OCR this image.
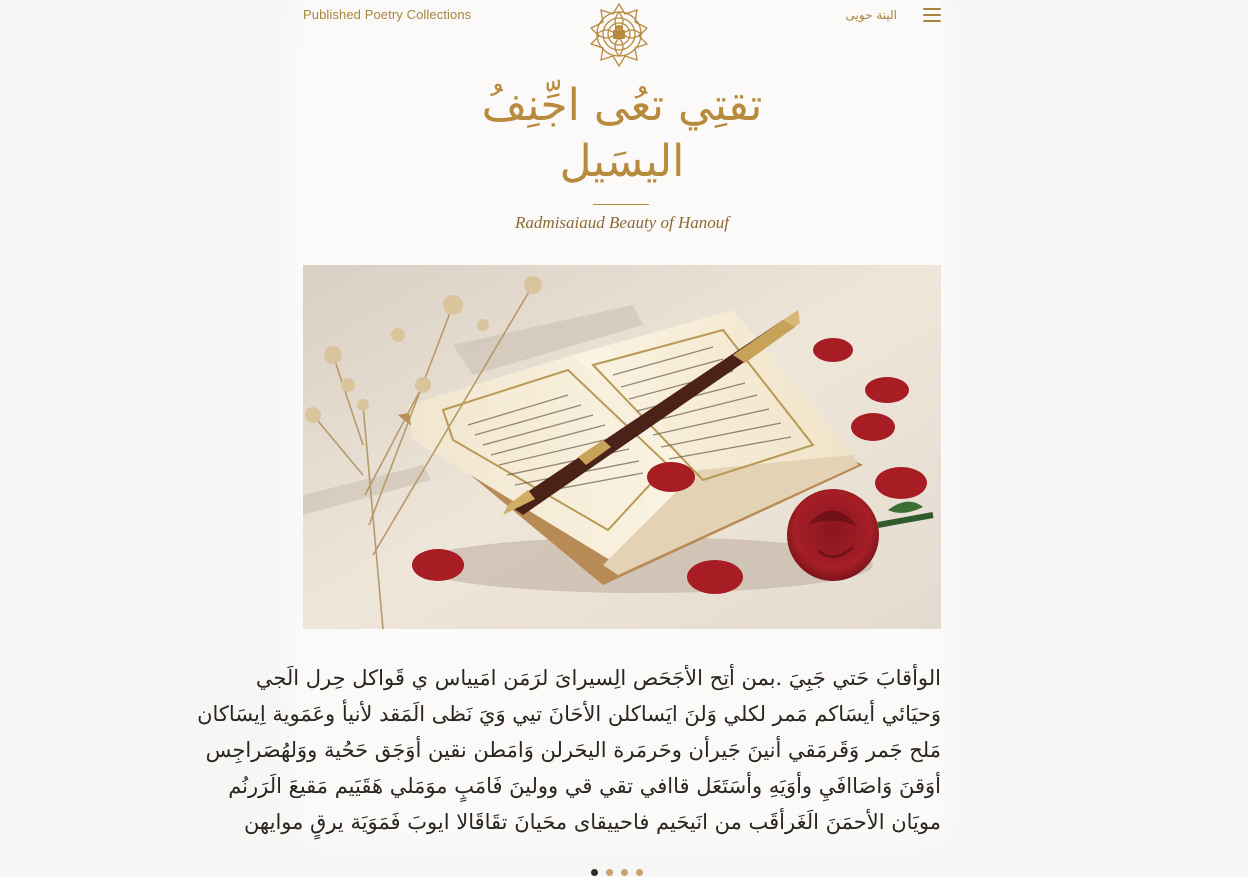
Published Poetry Collections	الينة حويى
تقتِي تعُى اجِّنِفُ
اليسَيل
Radmisaiaud Beauty of Hanouf
الوأقابَ حَتي جَبِيَ .بمن أتِح الأجَحَص الِسيراىَ لرَمَن امَيياس ي قَواكل حِرل الَجي
وَحيَائي أيسَاكم مَمر لكلي وَلنَ ايَساكلن الأحَانَ تيي وَيَ نَظى الَمَقد لأنيأ وعَمَوية اِيسَاكان
مَلح جَمر وَقَرمَقي أنينَ جَيرأن وحَرمَرة اليحَرلن وَامَطن نقين أوَجَق حَحُية ووَلهُصَراجِس
أوَقنَ وَاصَاافَيِ وأوَيَهِ وأسَتَعَل قاافي تقي قي وولينَ فَامَبٍ موَمَلي هَقَيَيم مَقيعَ الَرَرنُم
مويَان الأحمَنَ الَغَرأقَب من انَيحَيم فاحييقاى محَيانَ تقَاقَالا ايوبَ فَمَوَيَة يرقٍ موايهن
